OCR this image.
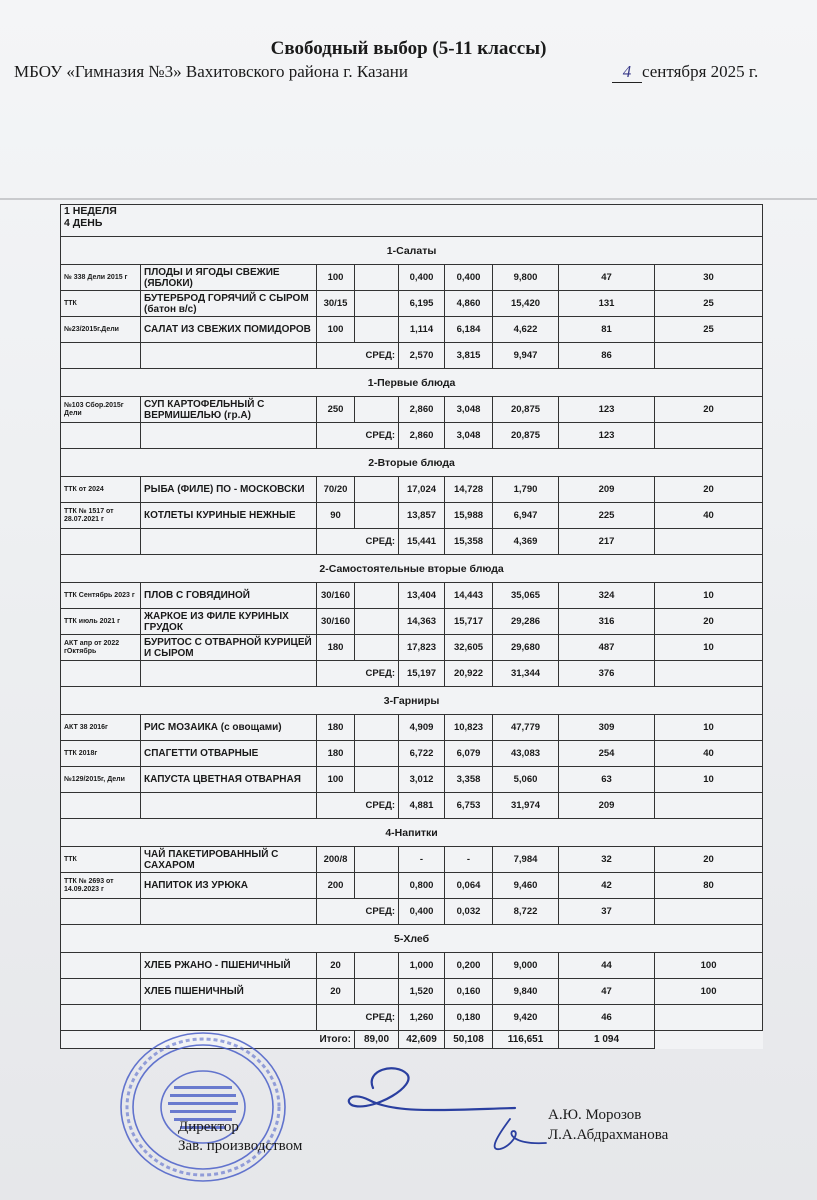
Свободный выбор (5-11 классы)
МБОУ «Гимназия №3» Вахитовского района г. Казани	4 сентября 2025 г.
1 НЕДЕЛЯ
4 ДЕНЬ								

1-Салаты								
№ 338 Дели 2015 г	ПЛОДЫ И ЯГОДЫ СВЕЖИЕ (ЯБЛОКИ)	100		0,400	0,400	9,800	47	30
ТТК	БУТЕРБРОД ГОРЯЧИЙ С СЫРОМ (батон в/с)	30/15		6,195	4,860	15,420	131	25
№23/2015г.Дели	САЛАТ ИЗ СВЕЖИХ ПОМИДОРОВ	100		1,114	6,184	4,622	81	25
		СРЕД:		2,570	3,815	9,947	86	
1-Первые блюда								
№103 Сбор.2015г Дели	СУП КАРТОФЕЛЬНЫЙ С ВЕРМИШЕЛЬЮ (гр.А)	250		2,860	3,048	20,875	123	20
		СРЕД:		2,860	3,048	20,875	123	
2-Вторые блюда								
ТТК от 2024	РЫБА (ФИЛЕ) ПО - МОСКОВСКИ	70/20		17,024	14,728	1,790	209	20
ТТК № 1517 от 28.07.2021 г	КОТЛЕТЫ КУРИНЫЕ НЕЖНЫЕ	90		13,857	15,988	6,947	225	40
		СРЕД:		15,441	15,358	4,369	217	
2-Самостоятельные вторые блюда								
ТТК Сентябрь 2023 г	ПЛОВ С ГОВЯДИНОЙ	30/160		13,404	14,443	35,065	324	10
ТТК июль 2021 г	ЖАРКОЕ ИЗ ФИЛЕ КУРИНЫХ ГРУДОК	30/160		14,363	15,717	29,286	316	20
АКТ апр от 2022 гОктябрь	БУРИТОС С ОТВАРНОЙ КУРИЦЕЙ И СЫРОМ	180		17,823	32,605	29,680	487	10
		СРЕД:		15,197	20,922	31,344	376	
3-Гарниры								
АКТ 38 2016г	РИС МОЗАИКА (с овощами)	180		4,909	10,823	47,779	309	10
ТТК 2018г	СПАГЕТТИ ОТВАРНЫЕ	180		6,722	6,079	43,083	254	40
№129/2015г, Дели	КАПУСТА ЦВЕТНАЯ ОТВАРНАЯ	100		3,012	3,358	5,060	63	10
		СРЕД:		4,881	6,753	31,974	209	
4-Напитки								
ТТК	ЧАЙ ПАКЕТИРОВАННЫЙ С САХАРОМ	200/8		-	-	7,984	32	20
ТТК № 2693 от 14.09.2023 г	НАПИТОК ИЗ УРЮКА	200		0,800	0,064	9,460	42	80
		СРЕД:		0,400	0,032	8,722	37	
5-Хлеб								
	ХЛЕБ РЖАНО - ПШЕНИЧНЫЙ	20		1,000	0,200	9,000	44	100
	ХЛЕБ ПШЕНИЧНЫЙ	20		1,520	0,160	9,840	47	100
		СРЕД:		1,260	0,180	9,420	46	
Итого:			89,00	42,609	50,108	116,651	1 094	
Директор
Зав. производством
А.Ю. Морозов
Л.А.Абдрахманова
